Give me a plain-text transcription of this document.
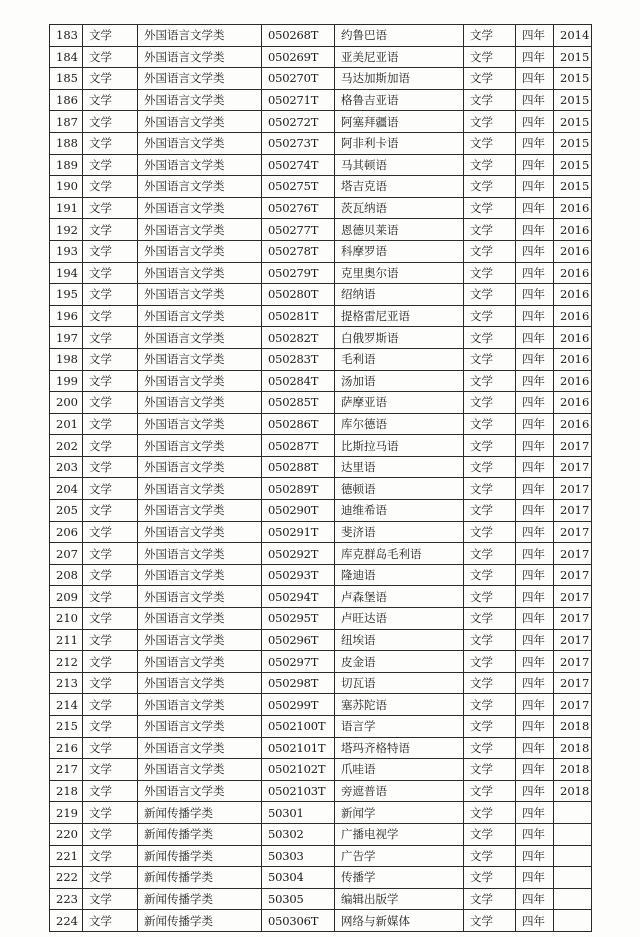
183	文学	外国语言文学类	050268T	约鲁巴语	文学	四年	2014
184	文学	外国语言文学类	050269T	亚美尼亚语	文学	四年	2015
185	文学	外国语言文学类	050270T	马达加斯加语	文学	四年	2015
186	文学	外国语言文学类	050271T	格鲁吉亚语	文学	四年	2015
187	文学	外国语言文学类	050272T	阿塞拜疆语	文学	四年	2015
188	文学	外国语言文学类	050273T	阿非利卡语	文学	四年	2015
189	文学	外国语言文学类	050274T	马其顿语	文学	四年	2015
190	文学	外国语言文学类	050275T	塔吉克语	文学	四年	2015
191	文学	外国语言文学类	050276T	茨瓦纳语	文学	四年	2016
192	文学	外国语言文学类	050277T	恩德贝莱语	文学	四年	2016
193	文学	外国语言文学类	050278T	科摩罗语	文学	四年	2016
194	文学	外国语言文学类	050279T	克里奥尔语	文学	四年	2016
195	文学	外国语言文学类	050280T	绍纳语	文学	四年	2016
196	文学	外国语言文学类	050281T	提格雷尼亚语	文学	四年	2016
197	文学	外国语言文学类	050282T	白俄罗斯语	文学	四年	2016
198	文学	外国语言文学类	050283T	毛利语	文学	四年	2016
199	文学	外国语言文学类	050284T	汤加语	文学	四年	2016
200	文学	外国语言文学类	050285T	萨摩亚语	文学	四年	2016
201	文学	外国语言文学类	050286T	库尔德语	文学	四年	2016
202	文学	外国语言文学类	050287T	比斯拉马语	文学	四年	2017
203	文学	外国语言文学类	050288T	达里语	文学	四年	2017
204	文学	外国语言文学类	050289T	德顿语	文学	四年	2017
205	文学	外国语言文学类	050290T	迪维希语	文学	四年	2017
206	文学	外国语言文学类	050291T	斐济语	文学	四年	2017
207	文学	外国语言文学类	050292T	库克群岛毛利语	文学	四年	2017
208	文学	外国语言文学类	050293T	隆迪语	文学	四年	2017
209	文学	外国语言文学类	050294T	卢森堡语	文学	四年	2017
210	文学	外国语言文学类	050295T	卢旺达语	文学	四年	2017
211	文学	外国语言文学类	050296T	纽埃语	文学	四年	2017
212	文学	外国语言文学类	050297T	皮金语	文学	四年	2017
213	文学	外国语言文学类	050298T	切瓦语	文学	四年	2017
214	文学	外国语言文学类	050299T	塞苏陀语	文学	四年	2017
215	文学	外国语言文学类	0502100T	语言学	文学	四年	2018
216	文学	外国语言文学类	0502101T	塔玛齐格特语	文学	四年	2018
217	文学	外国语言文学类	0502102T	爪哇语	文学	四年	2018
218	文学	外国语言文学类	0502103T	旁遮普语	文学	四年	2018
219	文学	新闻传播学类	50301	新闻学	文学	四年	
220	文学	新闻传播学类	50302	广播电视学	文学	四年	
221	文学	新闻传播学类	50303	广告学	文学	四年	
222	文学	新闻传播学类	50304	传播学	文学	四年	
223	文学	新闻传播学类	50305	编辑出版学	文学	四年	
224	文学	新闻传播学类	050306T	网络与新媒体	文学	四年	
